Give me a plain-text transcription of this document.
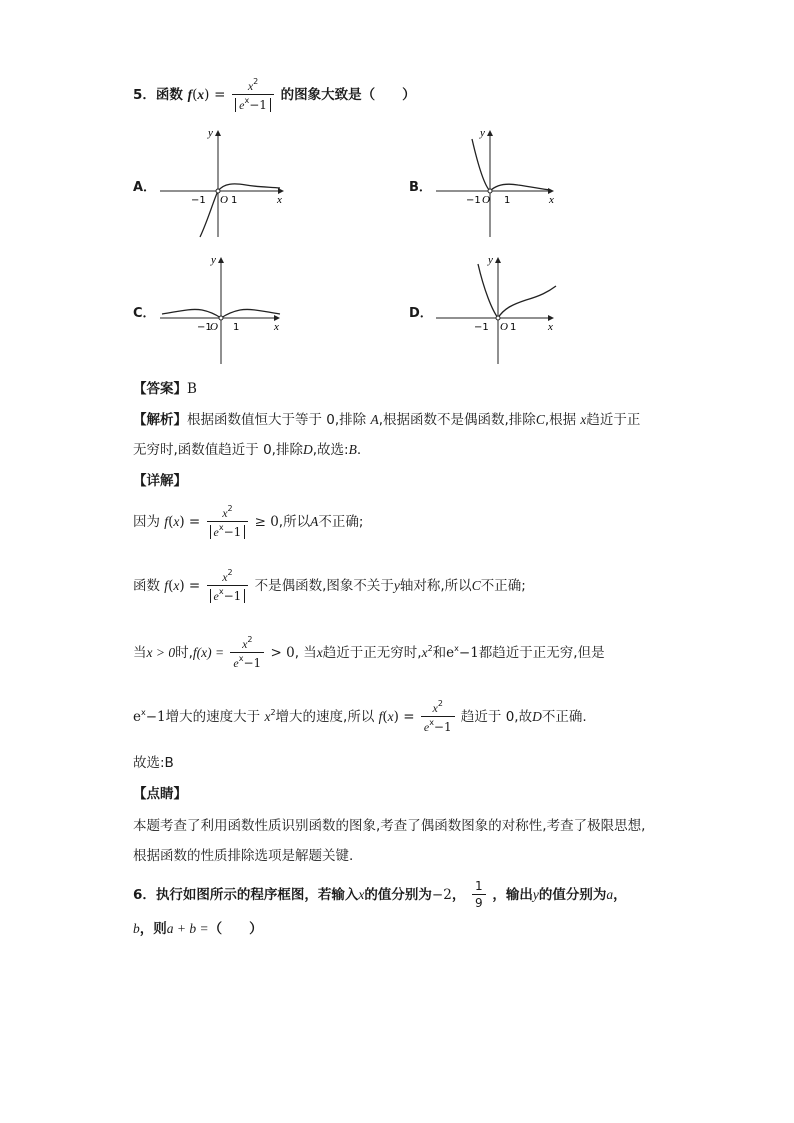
5．函数 $f(x) = \frac{x^2}{e^x-1}$ 的图象大致是（　　）
A．
y
x
−1 O 1
B．
y
x
−1 O 1
C．
y
x
−1
O 1
D．
y
x
−1 O 1
【答案】B
【解析】根据函数值恒大于等于 0,排除 A,根据函数不是偶函数,排除C,根据 x趋近于正
无穷时,函数值趋近于 0,排除D,故选:B.
【详解】
因为 $f(x) = \frac{x^2}{e^x-1} \ge 0$,所以A不正确;
函数 $f(x) = \frac{x^2}{e^x-1}$ 不是偶函数,图象不关于y轴对称,所以C不正确;
当x > 0时$,f(x) = \frac{x^2}{e^x-1} > 0$, 当x趋近于正无穷时$,x^2$和$e^x-1$都趋近于正无穷,但是
$e^x-1$增大的速度大于 $x^2$增大的速度,所以 $f(x) = \frac{x^2}{e^x-1}$ 趋近于 0,故D不正确.
故选:B
【点睛】
本题考查了利用函数性质识别函数的图象,考查了偶函数图象的对称性,考查了极限思想,
根据函数的性质排除选项是解题关键.
6．执行如图所示的程序框图，若输入x的值分别为−2， $\frac{1}{9}$ ，输出y的值分别为a，
b，则a + b =（　　）
